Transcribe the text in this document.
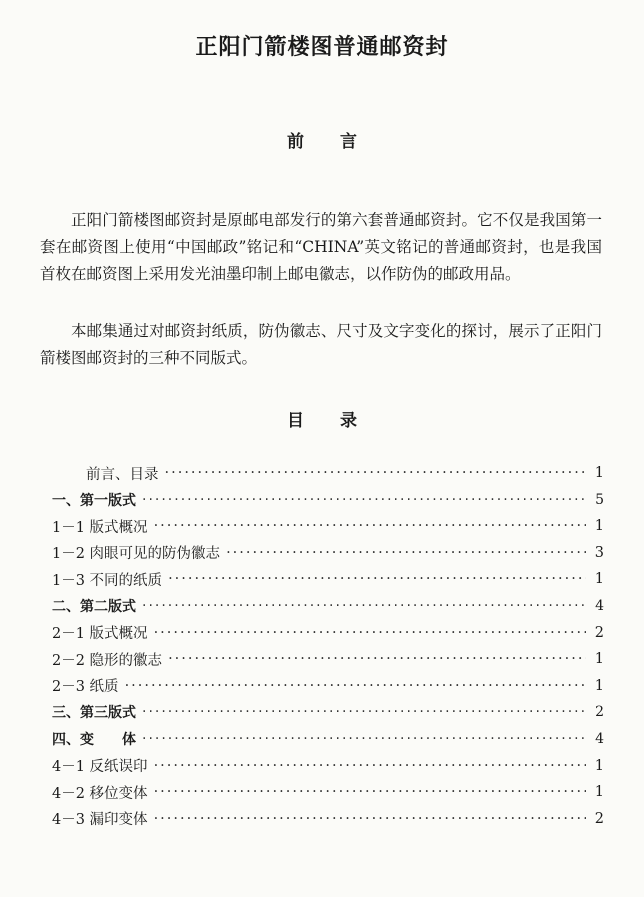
正阳门箭楼图普通邮资封
前 言

正阳门箭楼图邮资封是原邮电部发行的第六套普通邮资封。它不仅是我国第一套在邮资图上使用“中国邮政”铭记和“CHINA”英文铭记的普通邮资封，也是我国首枚在邮资图上采用发光油墨印制上邮电徽志，以作防伪的邮政用品。

本邮集通过对邮资封纸质，防伪徽志、尺寸及文字变化的探讨，展示了正阳门箭楼图邮资封的三种不同版式。

目 录
前言、目录 ·····	1
一、第一版式 ·····	5
1－1 版式概况 ·····	1
1－2 肉眼可见的防伪徽志 ·····	3
1－3 不同的纸质 ·····	1
二、第二版式 ·····	4
2－1 版式概况 ·····	2
2－2 隐形的徽志 ·····	1
2－3 纸质 ·····	1
三、第三版式 ·····	2
四、变　　体 ·····	4
4－1 反纸误印 ·····	1
4－2 移位变体 ·····	1
4－3 漏印变体 ·····	2
